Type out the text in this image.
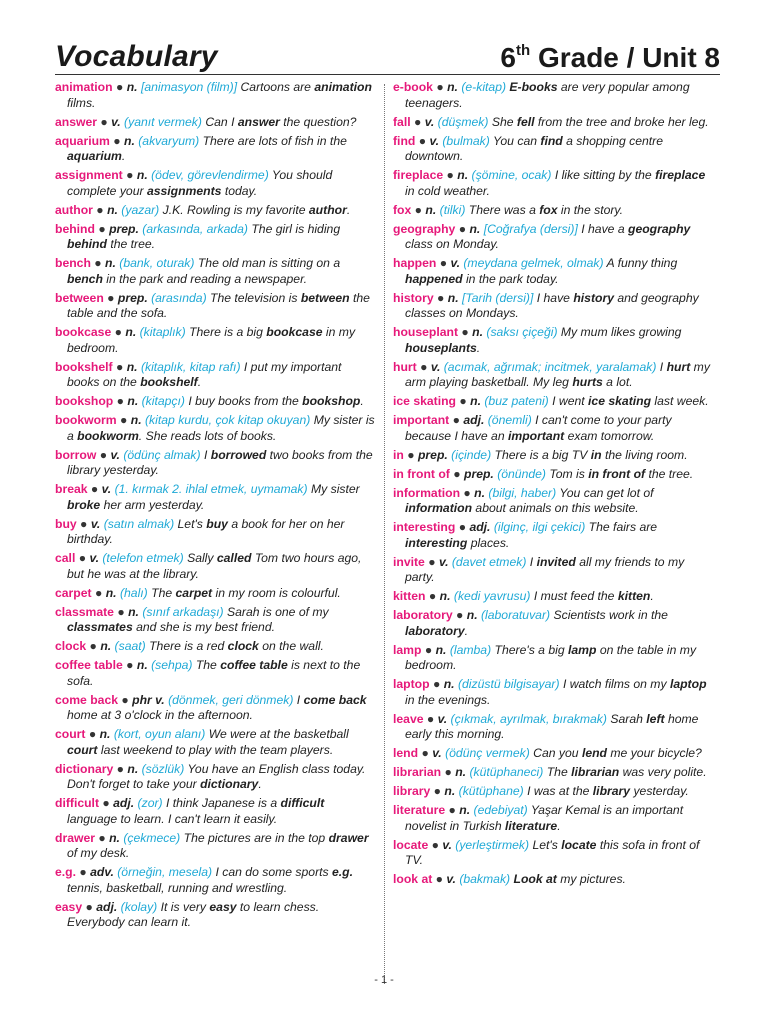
Vocabulary	6th Grade / Unit 8
animation ● n. [animasyon (film)] Cartoons are animation films.
answer ● v. (yanıt vermek) Can I answer the question?
aquarium ● n. (akvaryum) There are lots of fish in the aquarium.
assignment ● n. (ödev, görevlendirme) You should complete your assignments today.
author ● n. (yazar) J.K. Rowling is my favorite author.
behind ● prep. (arkasında, arkada) The girl is hiding behind the tree.
bench ● n. (bank, oturak) The old man is sitting on a bench in the park and reading a newspaper.
between ● prep. (arasında) The television is between the table and the sofa.
bookcase ● n. (kitaplık) There is a big bookcase in my bedroom.
bookshelf ● n. (kitaplık, kitap rafı) I put my important books on the bookshelf.
bookshop ● n. (kitapçı) I buy books from the bookshop.
bookworm ● n. (kitap kurdu, çok kitap okuyan) My sister is a bookworm. She reads lots of books.
borrow ● v. (ödünç almak) I borrowed two books from the library yesterday.
break ● v. (1. kırmak 2. ihlal etmek, uymamak) My sister broke her arm yesterday.
buy ● v. (satın almak) Let's buy a book for her on her birthday.
call ● v. (telefon etmek) Sally called Tom two hours ago, but he was at the library.
carpet ● n. (halı) The carpet in my room is colourful.
classmate ● n. (sınıf arkadaşı) Sarah is one of my classmates and she is my best friend.
clock ● n. (saat) There is a red clock on the wall.
coffee table ● n. (sehpa) The coffee table is next to the sofa.
come back ● phr v. (dönmek, geri dönmek) I come back home at 3 o'clock in the afternoon.
court ● n. (kort, oyun alanı) We were at the basketball court last weekend to play with the team players.
dictionary ● n. (sözlük) You have an English class today. Don't forget to take your dictionary.
difficult ● adj. (zor) I think Japanese is a difficult language to learn. I can't learn it easily.
drawer ● n. (çekmece) The pictures are in the top drawer of my desk.
e.g. ● adv. (örneğin, mesela) I can do some sports e.g. tennis, basketball, running and wrestling.
easy ● adj. (kolay) It is very easy to learn chess. Everybody can learn it.
e-book ● n. (e-kitap) E-books are very popular among teenagers.
fall ● v. (düşmek) She fell from the tree and broke her leg.
find ● v. (bulmak) You can find a shopping centre downtown.
fireplace ● n. (şömine, ocak) I like sitting by the fireplace in cold weather.
fox ● n. (tilki) There was a fox in the story.
geography ● n. [Coğrafya (dersi)] I have a geography class on Monday.
happen ● v. (meydana gelmek, olmak) A funny thing happened in the park today.
history ● n. [Tarih (dersi)] I have history and geography classes on Mondays.
houseplant ● n. (saksı çiçeği) My mum likes growing houseplants.
hurt ● v. (acımak, ağrımak; incitmek, yaralamak) I hurt my arm playing basketball. My leg hurts a lot.
ice skating ● n. (buz pateni) I went ice skating last week.
important ● adj. (önemli) I can't come to your party because I have an important exam tomorrow.
in ● prep. (içinde) There is a big TV in the living room.
in front of ● prep. (önünde) Tom is in front of the tree.
information ● n. (bilgi, haber) You can get lot of information about animals on this website.
interesting ● adj. (ilginç, ilgi çekici) The fairs are interesting places.
invite ● v. (davet etmek) I invited all my friends to my party.
kitten ● n. (kedi yavrusu) I must feed the kitten.
laboratory ● n. (laboratuvar) Scientists work in the laboratory.
lamp ● n. (lamba) There's a big lamp on the table in my bedroom.
laptop ● n. (dizüstü bilgisayar) I watch films on my laptop in the evenings.
leave ● v. (çıkmak, ayrılmak, bırakmak) Sarah left home early this morning.
lend ● v. (ödünç vermek) Can you lend me your bicycle?
librarian ● n. (kütüphaneci) The librarian was very polite.
library ● n. (kütüphane) I was at the library yesterday.
literature ● n. (edebiyat) Yaşar Kemal is an important novelist in Turkish literature.
locate ● v. (yerleştirmek) Let's locate this sofa in front of TV.
look at ● v. (bakmak) Look at my pictures.
- 1 -
